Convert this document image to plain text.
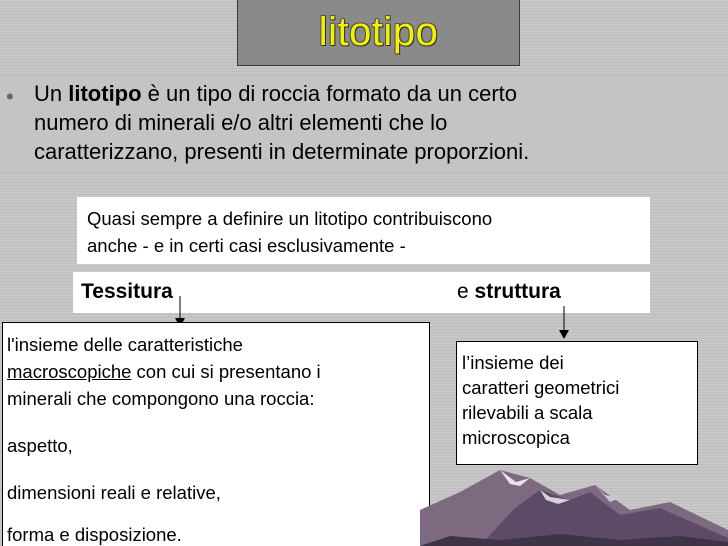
litotipo
• Un litotipo è un tipo di roccia formato da un certo
numero di minerali e/o altri elementi che lo
caratterizzano, presenti in determinate proporzioni.
Quasi sempre a definire un litotipo contribuiscono
anche - e in certi casi esclusivamente -
Tessitura	e struttura

l'insieme delle caratteristiche

macroscopiche con cui si presentano i

minerali che compongono una roccia:

aspetto,

dimensioni reali e relative,

forma e disposizione.

l’insieme dei
caratteri geometrici
rilevabili a scala
microscopica
